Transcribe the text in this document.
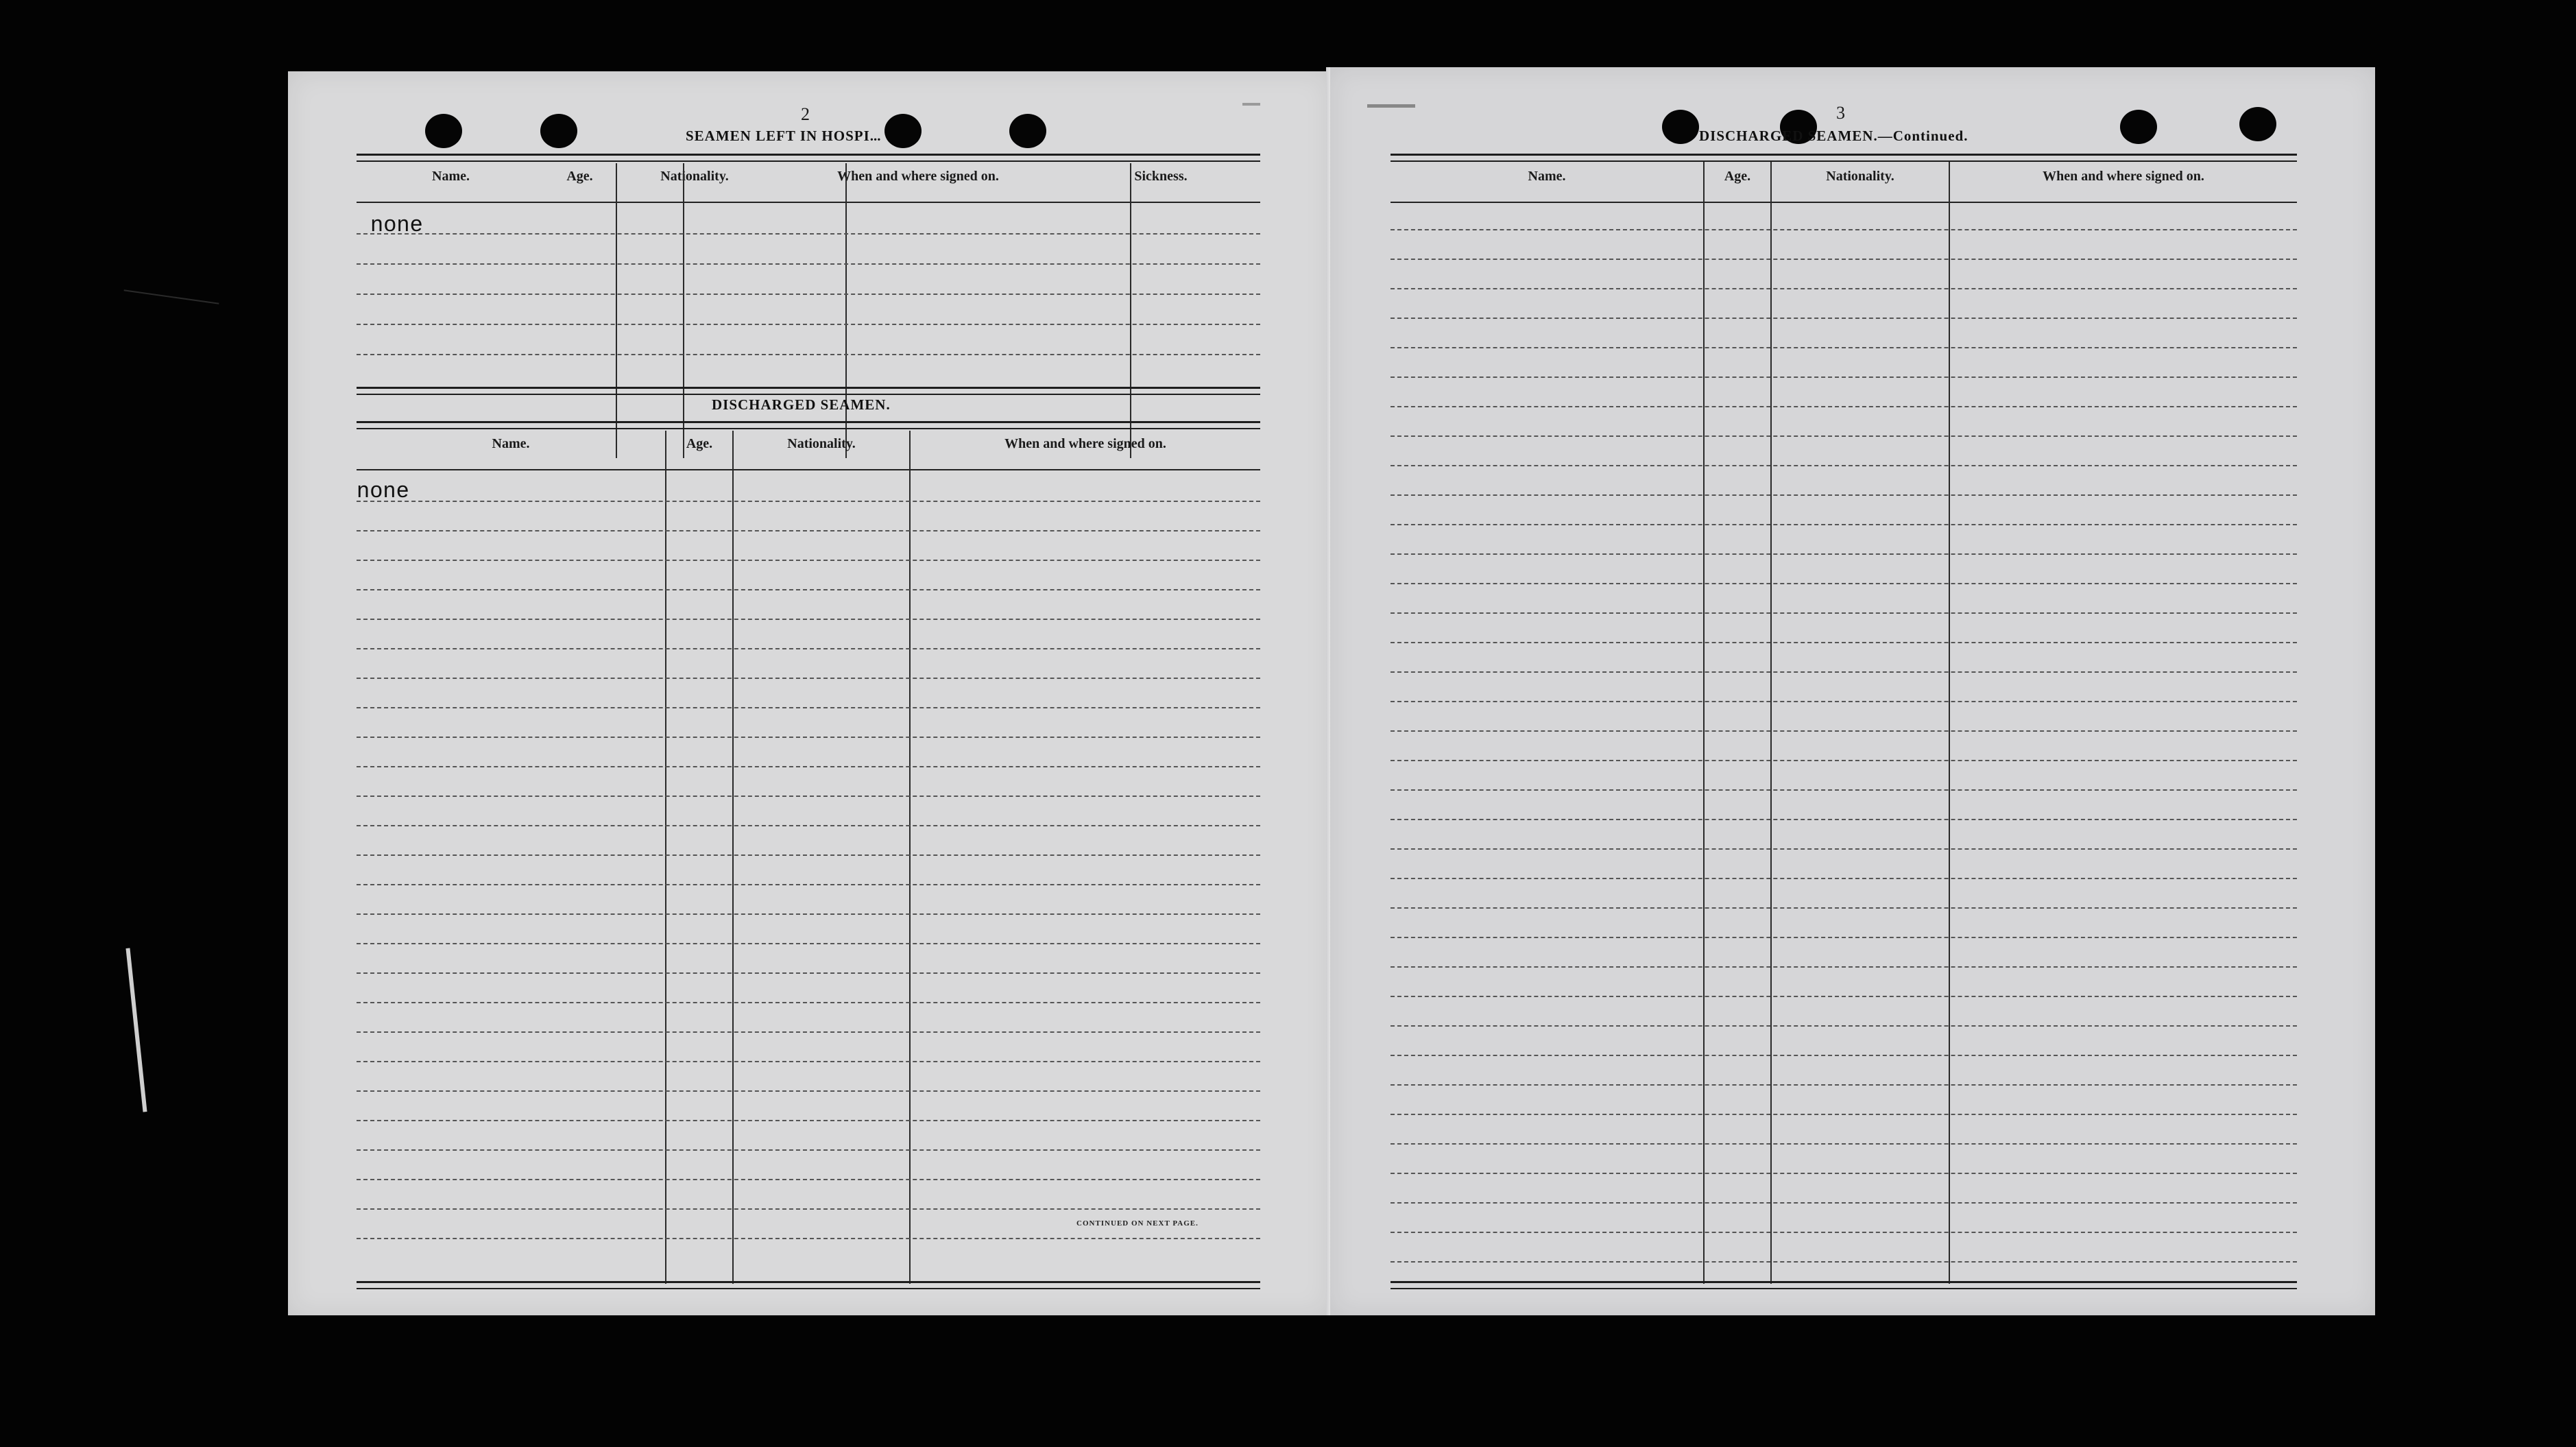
2
SEAMEN LEFT IN HOSPI...
Name.	Age.	Nationality.	When and where signed on.	Sickness.
none
DISCHARGED SEAMEN.
Name.	Age.	Nationality.	When and where signed on.
none
CONTINUED ON NEXT PAGE.
3
DISCHARGED SEAMEN.—Continued.
Name.	Age.	Nationality.	When and where signed on.
